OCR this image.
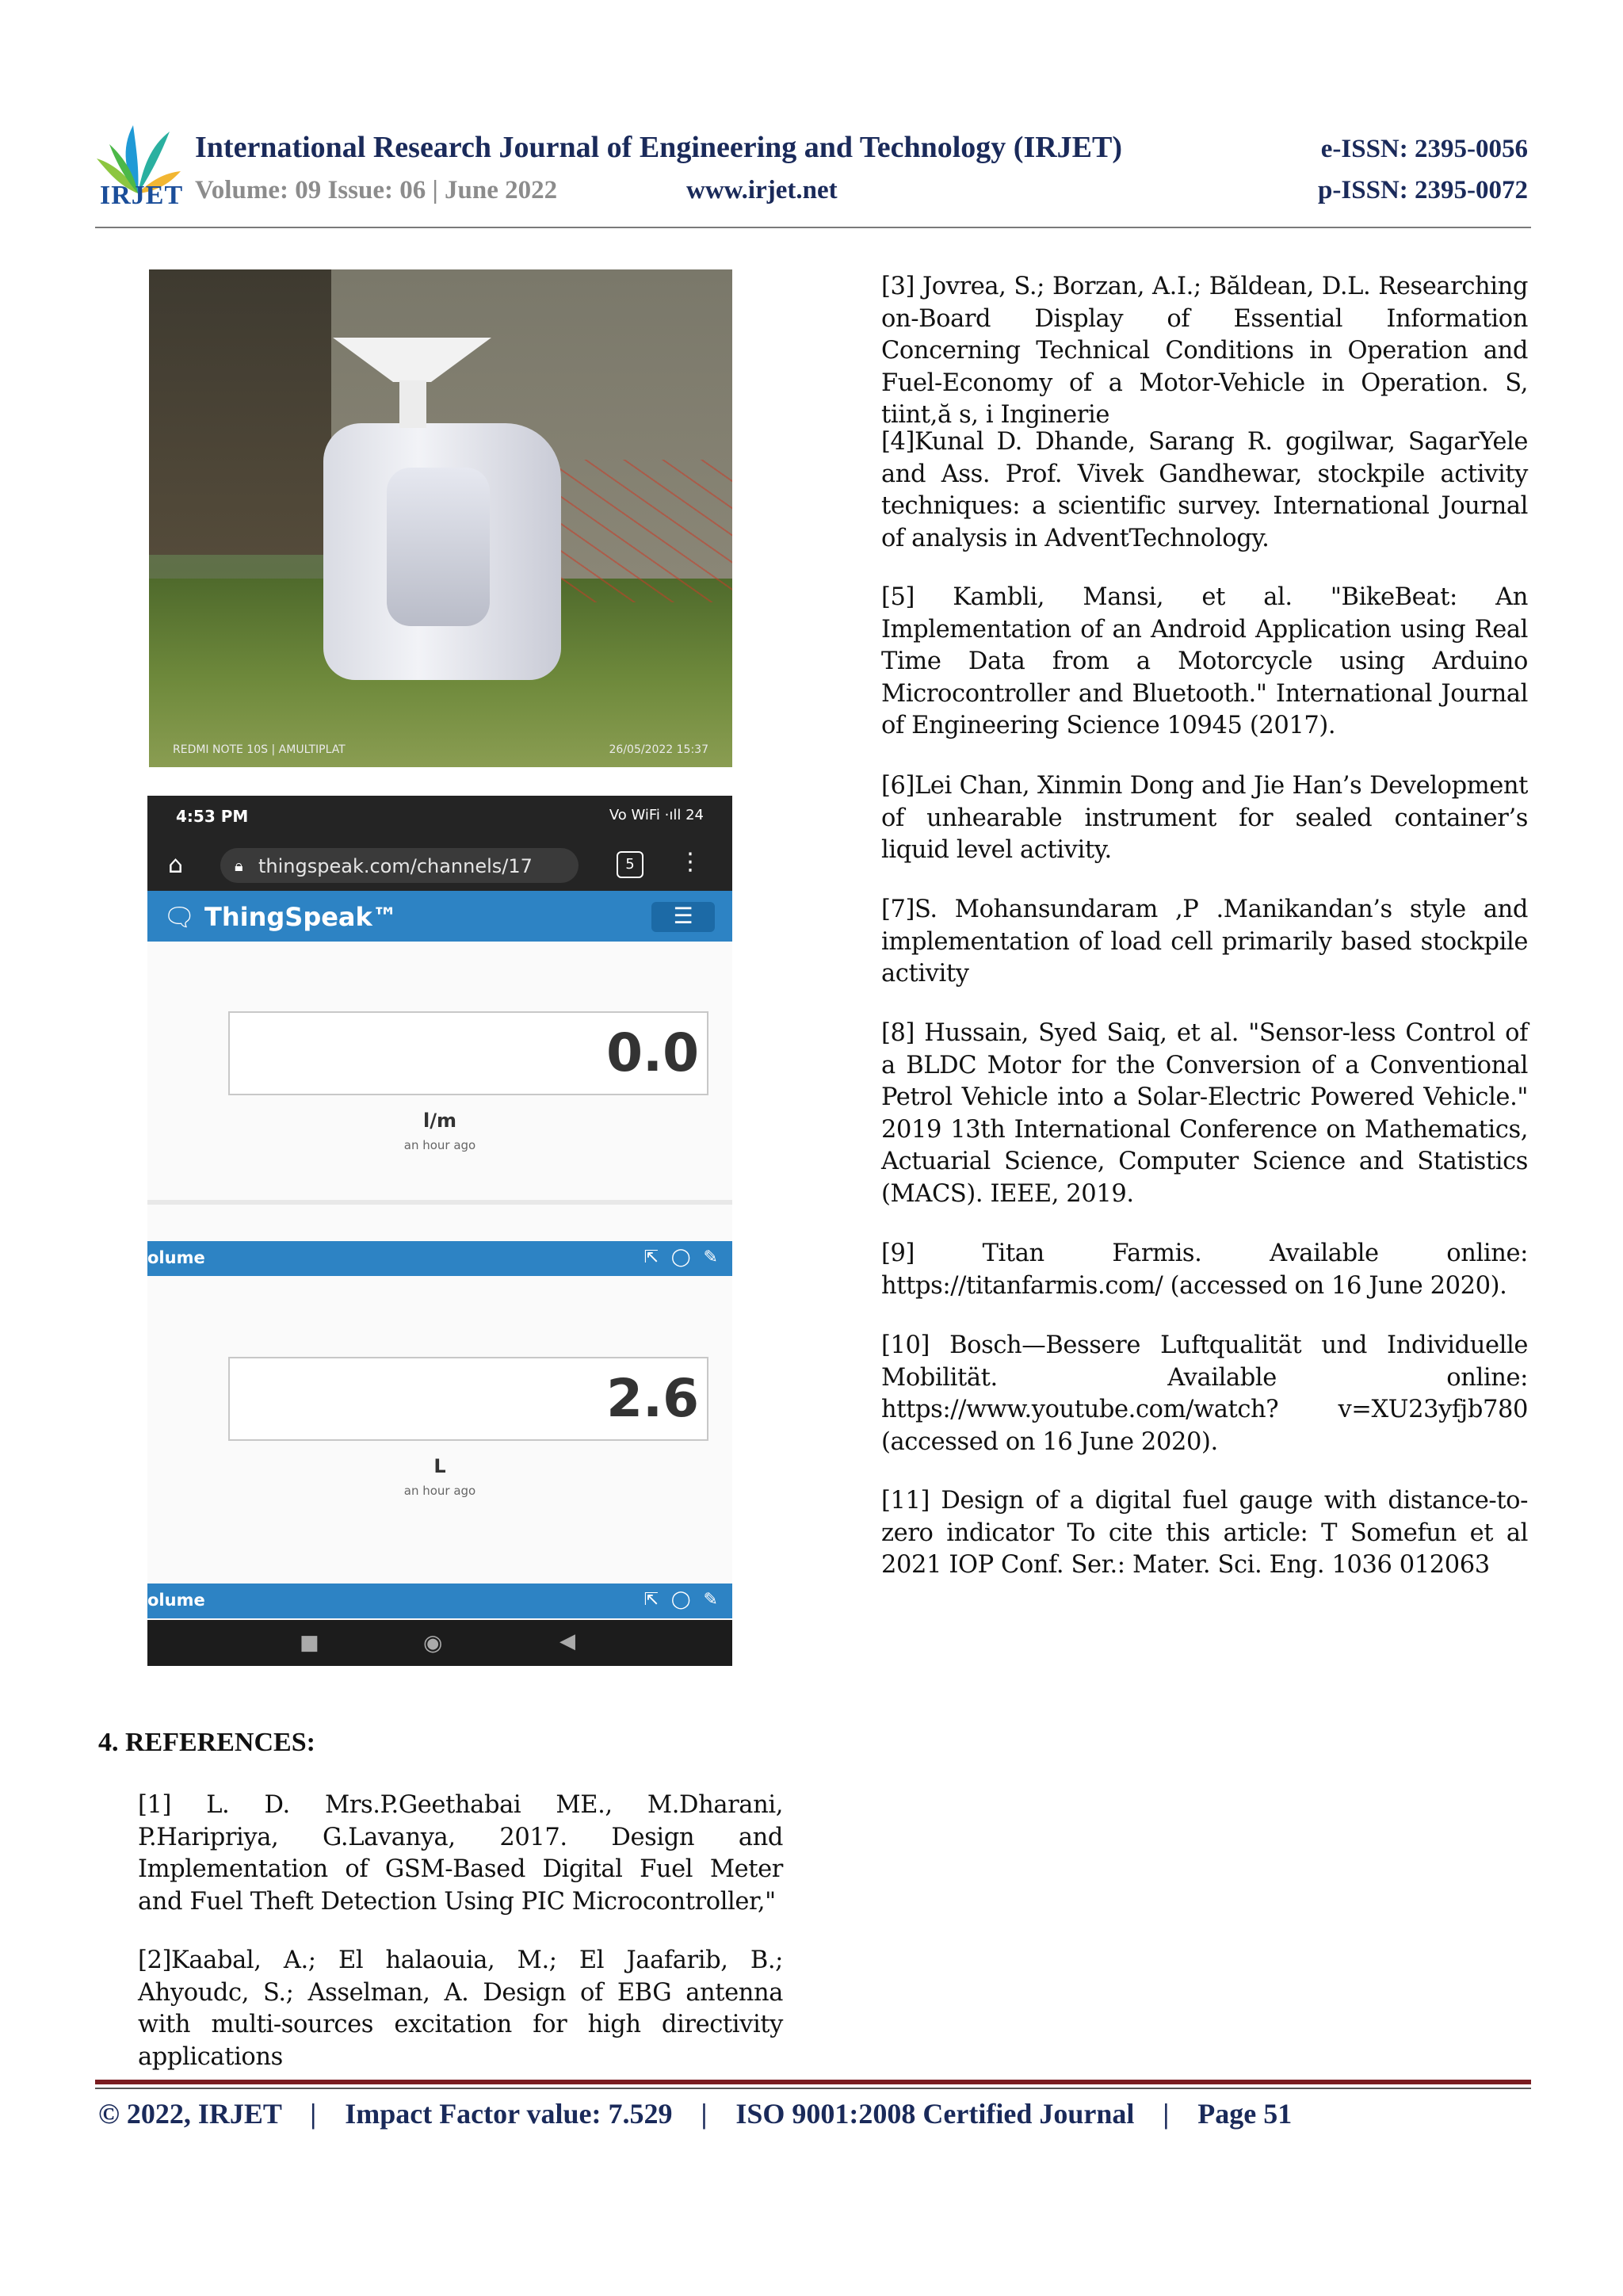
IRJET
International Research Journal of Engineering and Technology (IRJET)
Volume: 09 Issue: 06 | June 2022	www.irjet.net
e-ISSN: 2395-0056
p-ISSN: 2395-0072
REDMI NOTE 10S | AMULTIPLAT	26/05/2022 15:37
4:53 PM	Vo WiFi ·ıll 24
⌂	🔒︎ thingspeak.com/channels/17	5	⋮
🗨︎ ThingSpeak™	☰
0.0
l/m
an hour ago
olume	⇱◯✎
2.6
L
an hour ago
olume	⇱◯✎
■	◉	◀
4. REFERENCES:

[1] L. D. Mrs.P.Geethabai ME., M.Dharani, P.Haripriya, G.Lavanya, 2017. Design and Implementation of GSM-Based Digital Fuel Meter and Fuel Theft Detection Using PIC Microcontroller,"

[2]Kaabal, A.; El halaouia, M.; El Jaafarib, B.; Ahyoudc, S.; Asselman, A. Design of EBG antenna with multi-sources excitation for high directivity applications

[3] Jovrea, S.; Borzan, A.I.; Băldean, D.L. Researching on-Board Display of Essential Information Concerning Technical Conditions in Operation and Fuel-Economy of a Motor-Vehicle in Operation. S, tiint,ă s, i Inginerie

[4]Kunal D. Dhande, Sarang R. gogilwar, SagarYele and Ass. Prof. Vivek Gandhewar, stockpile activity techniques: a scientific survey. International Journal of analysis in AdventTechnology.

[5] Kambli, Mansi, et al. "BikeBeat: An Implementation of an Android Application using Real Time Data from a Motorcycle using Arduino Microcontroller and Bluetooth." International Journal of Engineering Science 10945 (2017).

[6]Lei Chan, Xinmin Dong and Jie Han’s Development of unhearable instrument for sealed container’s liquid level activity.

[7]S. Mohansundaram ,P .Manikandan’s style and implementation of load cell primarily based stockpile activity

[8] Hussain, Syed Saiq, et al. "Sensor-less Control of a BLDC Motor for the Conversion of a Conventional Petrol Vehicle into a Solar-Electric Powered Vehicle." 2019 13th International Conference on Mathematics, Actuarial Science, Computer Science and Statistics (MACS). IEEE, 2019.

[9] Titan Farmis. Available online: https://titanfarmis.com/ (accessed on 16 June 2020).

[10] Bosch—Bessere Luftqualität und Individuelle Mobilität. Available online: https://www.youtube.com/watch? v=XU23yfjb780 (accessed on 16 June 2020).

[11] Design of a digital fuel gauge with distance-to-zero indicator To cite this article: T Somefun et al 2021 IOP Conf. Ser.: Mater. Sci. Eng. 1036 012063

© 2022, IRJET    |    Impact Factor value: 7.529    |    ISO 9001:2008 Certified Journal    |    Page 51
